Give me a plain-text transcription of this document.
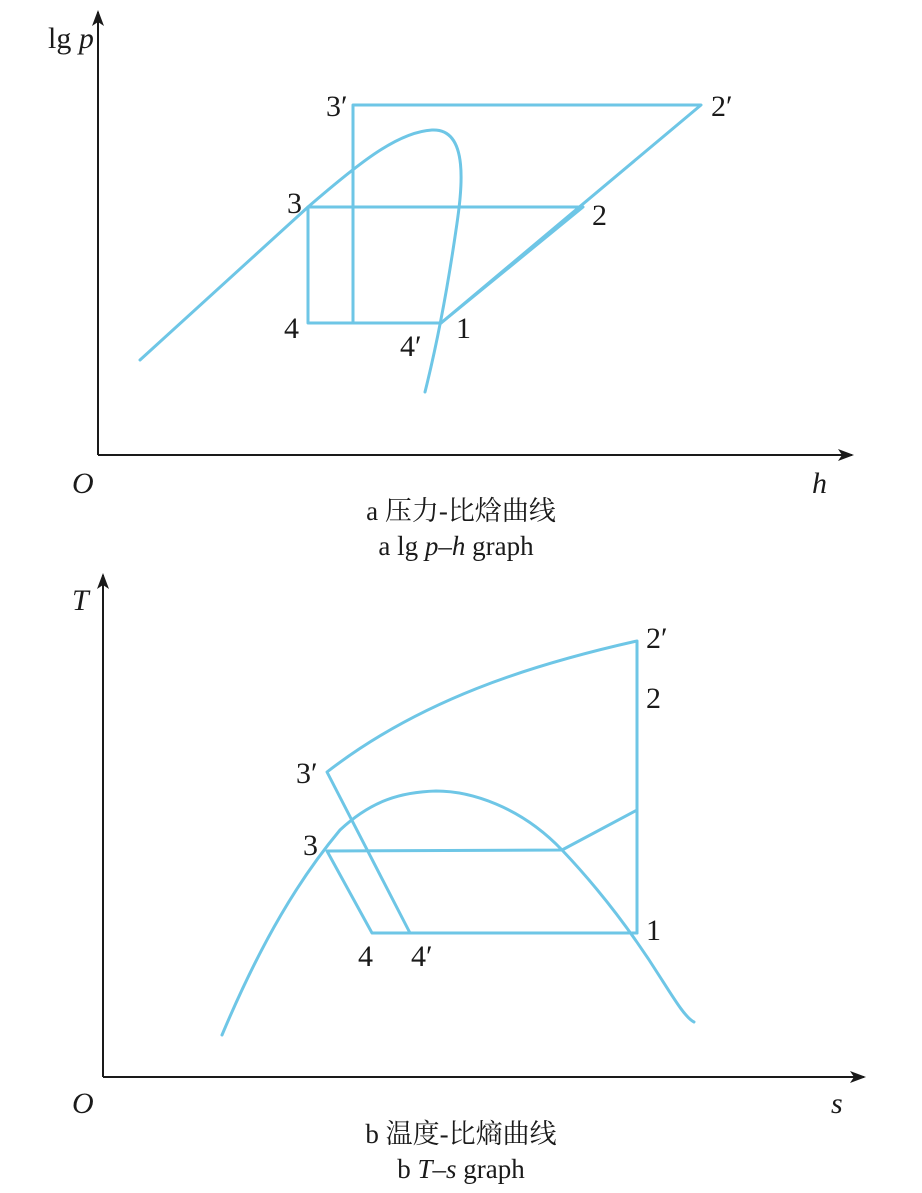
lg p
h
O
3′	2′
3	2
4	1
4′
a 压力-比焓曲线
a lg p–h graph
T
s
O
2′
2
3′
3
1
4 4′
b 温度-比熵曲线
b T–s graph
